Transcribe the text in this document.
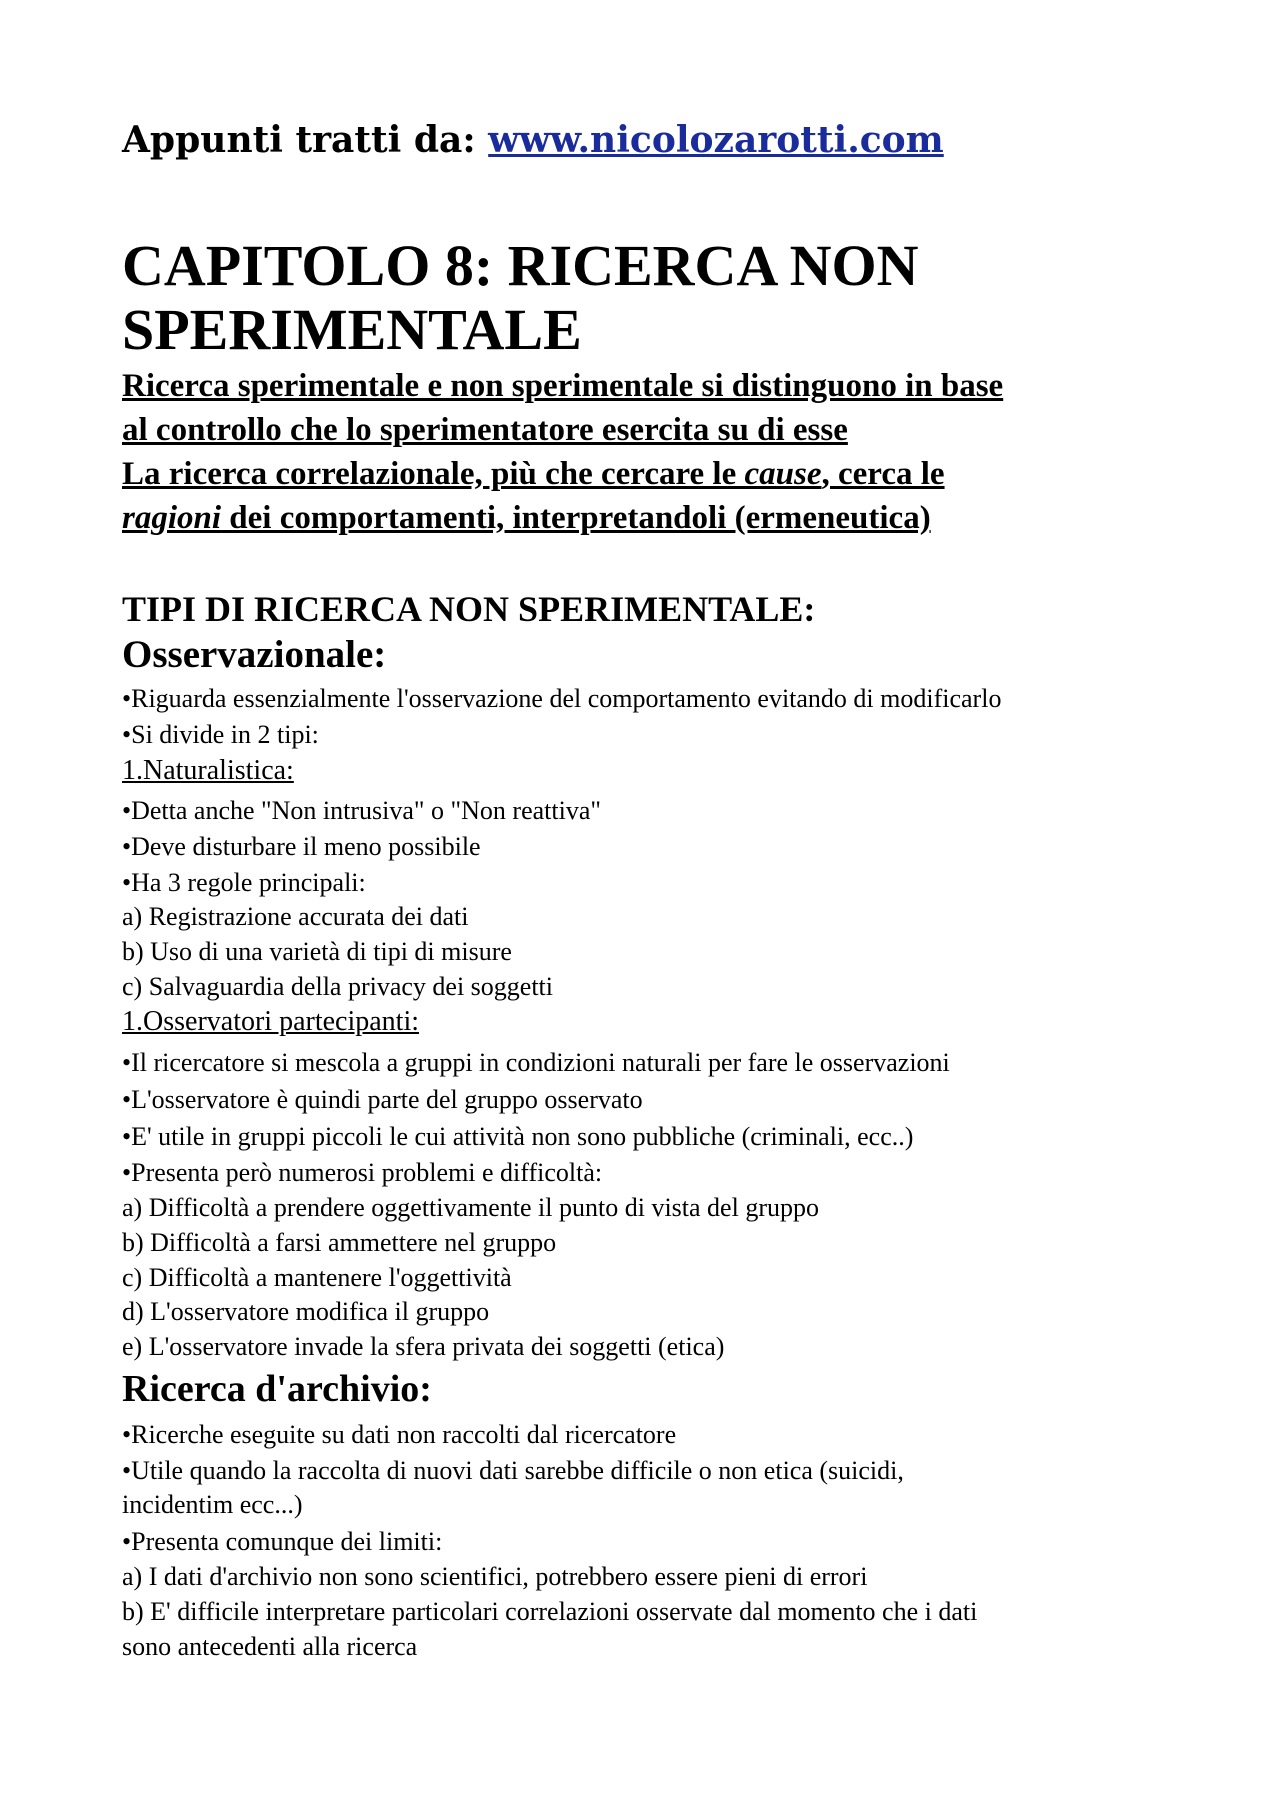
Appunti tratti da: www.nicolozarotti.com
CAPITOLO 8: RICERCA NON
SPERIMENTALE
Ricerca sperimentale e non sperimentale si distinguono in base
al controllo che lo sperimentatore esercita su di esse
La ricerca correlazionale, più che cercare le cause, cerca le
ragioni dei comportamenti, interpretandoli (ermeneutica)
TIPI DI RICERCA NON SPERIMENTALE:
Osservazionale:
•Riguarda essenzialmente l'osservazione del comportamento evitando di modificarlo
•Si divide in 2 tipi:
1.Naturalistica:
•Detta anche "Non intrusiva" o "Non reattiva"
•Deve disturbare il meno possibile
•Ha 3 regole principali:
a) Registrazione accurata dei dati
b) Uso di una varietà di tipi di misure
c) Salvaguardia della privacy dei soggetti
1.Osservatori partecipanti:
•Il ricercatore si mescola a gruppi in condizioni naturali per fare le osservazioni
•L'osservatore è quindi parte del gruppo osservato
•E' utile in gruppi piccoli le cui attività non sono pubbliche (criminali, ecc..)
•Presenta però numerosi problemi e difficoltà:
a) Difficoltà a prendere oggettivamente il punto di vista del gruppo
b) Difficoltà a farsi ammettere nel gruppo
c) Difficoltà a mantenere l'oggettività
d) L'osservatore modifica il gruppo
e) L'osservatore invade la sfera privata dei soggetti (etica)
Ricerca d'archivio:
•Ricerche eseguite su dati non raccolti dal ricercatore
•Utile quando la raccolta di nuovi dati sarebbe difficile o non etica (suicidi,
incidentim ecc...)
•Presenta comunque dei limiti:
a) I dati d'archivio non sono scientifici, potrebbero essere pieni di errori
b) E' difficile interpretare particolari correlazioni osservate dal momento che i dati
sono antecedenti alla ricerca
